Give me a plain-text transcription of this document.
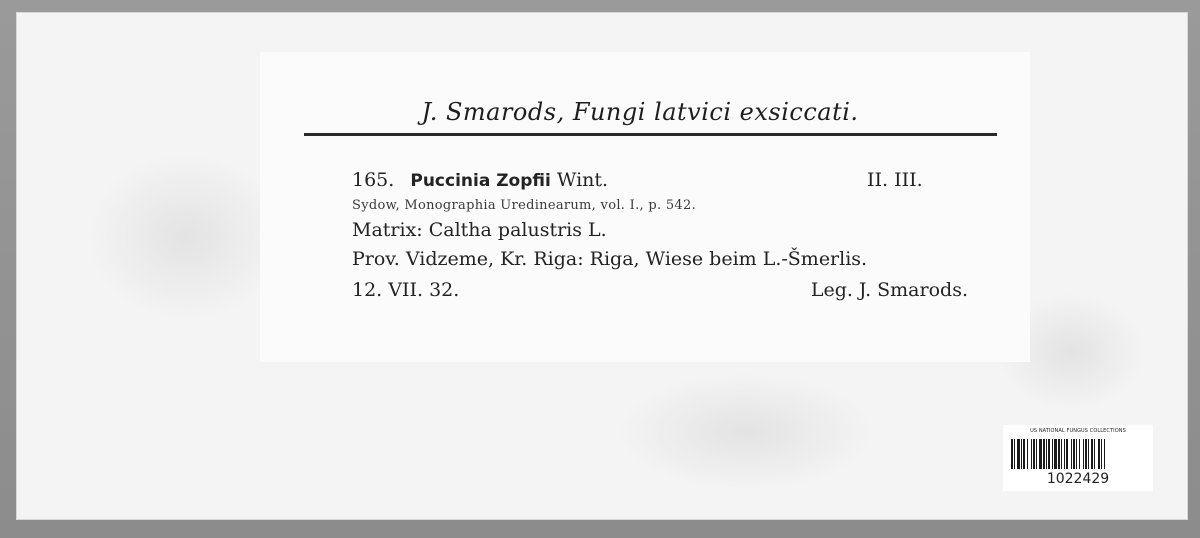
J. Smarods, Fungi latvici exsiccati.
165. Puccinia Zopfii Wint.	II. III.
Sydow, Monographia Uredinearum, vol. I., p. 542.
Matrix: Caltha palustris L.
Prov. Vidzeme, Kr. Riga: Riga, Wiese beim L.-Šmerlis.
12. VII. 32.	Leg. J. Smarods.
US NATIONAL FUNGUS COLLECTIONS
1022429
